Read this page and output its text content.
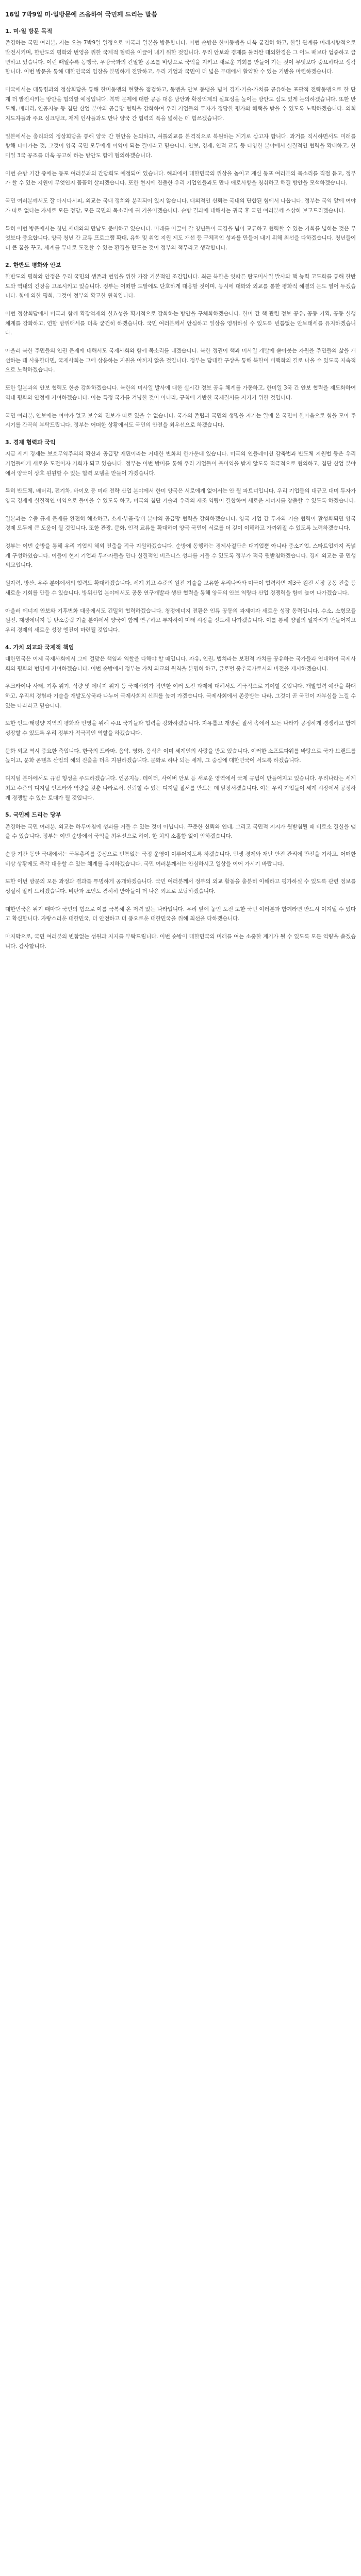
16일 7박9일 미·일방문에 즈음하여 국민께 드리는 말씀
1. 미·일 방문 목적

존경하는 국민 여러분, 저는 오늘 7박9일 일정으로 미국과 일본을 방문합니다. 이번 순방은 한미동맹을 더욱 굳건히 하고, 한일 관계를 미래지향적으로 발전시키며, 한반도의 평화와 번영을 위한 국제적 협력을 이끌어 내기 위한 것입니다. 우리 안보와 경제를 둘러싼 대외환경은 그 어느 때보다 엄중하고 급변하고 있습니다. 이런 때일수록 동맹국, 우방국과의 긴밀한 공조를 바탕으로 국익을 지키고 새로운 기회를 만들어 가는 것이 무엇보다 중요하다고 생각합니다. 이번 방문을 통해 대한민국의 입장을 분명하게 전달하고, 우리 기업과 국민이 더 넓은 무대에서 활약할 수 있는 기반을 마련하겠습니다.

미국에서는 대통령과의 정상회담을 통해 한미동맹의 현황을 점검하고, 동맹을 안보 동맹을 넘어 경제·기술·가치를 공유하는 포괄적 전략동맹으로 한 단계 더 발전시키는 방안을 협의할 예정입니다. 북핵 문제에 대한 공동 대응 방안과 확장억제의 실효성을 높이는 방안도 심도 있게 논의하겠습니다. 또한 반도체, 배터리, 인공지능 등 첨단 산업 분야의 공급망 협력을 강화하여 우리 기업들의 투자가 정당한 평가와 혜택을 받을 수 있도록 노력하겠습니다. 의회 지도자들과 주요 싱크탱크, 재계 인사들과도 만나 양국 간 협력의 폭을 넓히는 데 힘쓰겠습니다.

일본에서는 총리와의 정상회담을 통해 양국 간 현안을 논의하고, 셔틀외교를 본격적으로 복원하는 계기로 삼고자 합니다. 과거를 직시하면서도 미래를 향해 나아가는 것, 그것이 양국 국민 모두에게 이익이 되는 길이라고 믿습니다. 안보, 경제, 인적 교류 등 다양한 분야에서 실질적인 협력을 확대하고, 한미일 3국 공조를 더욱 공고히 하는 방안도 함께 협의하겠습니다.

이번 순방 기간 중에는 동포 여러분과의 간담회도 예정되어 있습니다. 해외에서 대한민국의 위상을 높이고 계신 동포 여러분의 목소리를 직접 듣고, 정부가 할 수 있는 지원이 무엇인지 꼼꼼히 살피겠습니다. 또한 현지에 진출한 우리 기업인들과도 만나 애로사항을 청취하고 해결 방안을 모색하겠습니다.

국민 여러분께서도 잘 아시다시피, 외교는 국내 정치와 분리되어 있지 않습니다. 대외적인 신뢰는 국내의 단합된 힘에서 나옵니다. 정부는 국익 앞에 여야가 따로 없다는 자세로 모든 정당, 모든 국민의 목소리에 귀 기울이겠습니다. 순방 결과에 대해서는 귀국 후 국민 여러분께 소상히 보고드리겠습니다.

특히 이번 방문에서는 청년 세대와의 만남도 준비하고 있습니다. 미래를 이끌어 갈 청년들이 국경을 넘어 교류하고 협력할 수 있는 기회를 넓히는 것은 무엇보다 중요합니다. 양국 청년 간 교류 프로그램 확대, 유학 및 취업 지원 제도 개선 등 구체적인 성과를 만들어 내기 위해 최선을 다하겠습니다. 청년들이 더 큰 꿈을 꾸고, 세계를 무대로 도전할 수 있는 환경을 만드는 것이 정부의 책무라고 생각합니다.

2. 한반도 평화와 안보

한반도의 평화와 안정은 우리 국민의 생존과 번영을 위한 가장 기본적인 조건입니다. 최근 북한은 잇따른 탄도미사일 발사와 핵 능력 고도화를 통해 한반도와 역내의 긴장을 고조시키고 있습니다. 정부는 어떠한 도발에도 단호하게 대응할 것이며, 동시에 대화와 외교를 통한 평화적 해결의 문도 열어 두겠습니다. 힘에 의한 평화, 그것이 정부의 확고한 원칙입니다.

이번 정상회담에서 미국과 함께 확장억제의 실효성을 획기적으로 강화하는 방안을 구체화하겠습니다. 한미 간 핵 관련 정보 공유, 공동 기획, 공동 실행 체계를 강화하고, 연합 방위태세를 더욱 굳건히 하겠습니다. 국민 여러분께서 안심하고 일상을 영위하실 수 있도록 빈틈없는 안보태세를 유지하겠습니다.

아울러 북한 주민들의 인권 문제에 대해서도 국제사회와 함께 목소리를 내겠습니다. 북한 정권이 핵과 미사일 개발에 쏟아붓는 자원을 주민들의 삶을 개선하는 데 사용한다면, 국제사회는 그에 상응하는 지원을 아끼지 않을 것입니다. 정부는 담대한 구상을 통해 북한이 비핵화의 길로 나올 수 있도록 지속적으로 노력하겠습니다.

또한 일본과의 안보 협력도 한층 강화하겠습니다. 북한의 미사일 발사에 대한 실시간 정보 공유 체계를 가동하고, 한미일 3국 간 안보 협력을 제도화하여 역내 평화와 안정에 기여하겠습니다. 이는 특정 국가를 겨냥한 것이 아니라, 규칙에 기반한 국제질서를 지키기 위한 것입니다.

국민 여러분, 안보에는 여야가 없고 보수와 진보가 따로 있을 수 없습니다. 국가의 존립과 국민의 생명을 지키는 일에 온 국민이 한마음으로 힘을 모아 주시기를 간곡히 부탁드립니다. 정부는 어떠한 상황에서도 국민의 안전을 최우선으로 하겠습니다.

3. 경제 협력과 국익

지금 세계 경제는 보호무역주의의 확산과 공급망 재편이라는 거대한 변화의 한가운데 있습니다. 미국의 인플레이션 감축법과 반도체 지원법 등은 우리 기업들에게 새로운 도전이자 기회가 되고 있습니다. 정부는 이번 방미를 통해 우리 기업들이 불이익을 받지 않도록 적극적으로 협의하고, 첨단 산업 분야에서 양국이 상호 윈윈할 수 있는 협력 모델을 만들어 가겠습니다.

특히 반도체, 배터리, 전기차, 바이오 등 미래 전략 산업 분야에서 한미 양국은 서로에게 없어서는 안 될 파트너입니다. 우리 기업들의 대규모 대미 투자가 양국 경제에 실질적인 이익으로 돌아올 수 있도록 하고, 미국의 첨단 기술과 우리의 제조 역량이 결합하여 새로운 시너지를 창출할 수 있도록 하겠습니다.

일본과는 수출 규제 문제를 완전히 해소하고, 소재·부품·장비 분야의 공급망 협력을 강화하겠습니다. 양국 기업 간 투자와 기술 협력이 활성화되면 양국 경제 모두에 큰 도움이 될 것입니다. 또한 관광, 문화, 인적 교류를 확대하여 양국 국민이 서로를 더 깊이 이해하고 가까워질 수 있도록 노력하겠습니다.

정부는 이번 순방을 통해 우리 기업의 해외 진출을 적극 지원하겠습니다. 순방에 동행하는 경제사절단은 대기업뿐 아니라 중소기업, 스타트업까지 폭넓게 구성하였습니다. 이들이 현지 기업과 투자자들을 만나 실질적인 비즈니스 성과를 거둘 수 있도록 정부가 적극 뒷받침하겠습니다. 경제 외교는 곧 민생 외교입니다.

원자력, 방산, 우주 분야에서의 협력도 확대하겠습니다. 세계 최고 수준의 원전 기술을 보유한 우리나라와 미국이 협력하면 제3국 원전 시장 공동 진출 등 새로운 기회를 만들 수 있습니다. 방위산업 분야에서도 공동 연구개발과 생산 협력을 통해 양국의 안보 역량과 산업 경쟁력을 함께 높여 나가겠습니다.

아울러 에너지 안보와 기후변화 대응에서도 긴밀히 협력하겠습니다. 청정에너지 전환은 인류 공동의 과제이자 새로운 성장 동력입니다. 수소, 소형모듈원전, 재생에너지 등 탄소중립 기술 분야에서 양국이 함께 연구하고 투자하여 미래 시장을 선도해 나가겠습니다. 이를 통해 양질의 일자리가 만들어지고 우리 경제의 새로운 성장 엔진이 마련될 것입니다.

4. 가치 외교와 국제적 책임

대한민국은 이제 국제사회에서 그에 걸맞은 책임과 역할을 다해야 할 때입니다. 자유, 인권, 법치라는 보편적 가치를 공유하는 국가들과 연대하여 국제사회의 평화와 번영에 기여하겠습니다. 이번 순방에서 정부는 가치 외교의 원칙을 분명히 하고, 글로벌 중추국가로서의 비전을 제시하겠습니다.

우크라이나 사태, 기후 위기, 식량 및 에너지 위기 등 국제사회가 직면한 여러 도전 과제에 대해서도 적극적으로 기여할 것입니다. 개발협력 예산을 확대하고, 우리의 경험과 기술을 개발도상국과 나누어 국제사회의 신뢰를 높여 가겠습니다. 국제사회에서 존중받는 나라, 그것이 곧 국민이 자부심을 느낄 수 있는 나라라고 믿습니다.

또한 인도·태평양 지역의 평화와 번영을 위해 주요 국가들과 협력을 강화하겠습니다. 자유롭고 개방된 질서 속에서 모든 나라가 공정하게 경쟁하고 함께 성장할 수 있도록 우리 정부가 적극적인 역할을 하겠습니다.

문화 외교 역시 중요한 축입니다. 한국의 드라마, 음악, 영화, 음식은 이미 세계인의 사랑을 받고 있습니다. 이러한 소프트파워를 바탕으로 국가 브랜드를 높이고, 문화 콘텐츠 산업의 해외 진출을 더욱 지원하겠습니다. 문화로 하나 되는 세계, 그 중심에 대한민국이 서도록 하겠습니다.

디지털 분야에서도 규범 형성을 주도하겠습니다. 인공지능, 데이터, 사이버 안보 등 새로운 영역에서 국제 규범이 만들어지고 있습니다. 우리나라는 세계 최고 수준의 디지털 인프라와 역량을 갖춘 나라로서, 신뢰할 수 있는 디지털 질서를 만드는 데 앞장서겠습니다. 이는 우리 기업들이 세계 시장에서 공정하게 경쟁할 수 있는 토대가 될 것입니다.

5. 국민께 드리는 당부

존경하는 국민 여러분, 외교는 하루아침에 성과를 거둘 수 있는 것이 아닙니다. 꾸준한 신뢰와 인내, 그리고 국민적 지지가 뒷받침될 때 비로소 결실을 맺을 수 있습니다. 정부는 이번 순방에서 국익을 최우선으로 하여, 한 치의 소홀함 없이 임하겠습니다.

순방 기간 동안 국내에서는 국무총리를 중심으로 빈틈없는 국정 운영이 이루어지도록 하겠습니다. 민생 경제와 재난 안전 관리에 만전을 기하고, 어떠한 비상 상황에도 즉각 대응할 수 있는 체계를 유지하겠습니다. 국민 여러분께서는 안심하시고 일상을 이어 가시기 바랍니다.

또한 이번 방문의 모든 과정과 결과를 투명하게 공개하겠습니다. 국민 여러분께서 정부의 외교 활동을 충분히 이해하고 평가하실 수 있도록 관련 정보를 성실히 알려 드리겠습니다. 비판과 조언도 겸허히 받아들여 더 나은 외교로 보답하겠습니다.

대한민국은 위기 때마다 국민의 힘으로 이를 극복해 온 저력 있는 나라입니다. 우리 앞에 놓인 도전 또한 국민 여러분과 함께라면 반드시 이겨낼 수 있다고 확신합니다. 자랑스러운 대한민국, 더 안전하고 더 풍요로운 대한민국을 위해 최선을 다하겠습니다.

마지막으로, 국민 여러분의 변함없는 성원과 지지를 부탁드립니다. 이번 순방이 대한민국의 미래를 여는 소중한 계기가 될 수 있도록 모든 역량을 쏟겠습니다. 감사합니다.
